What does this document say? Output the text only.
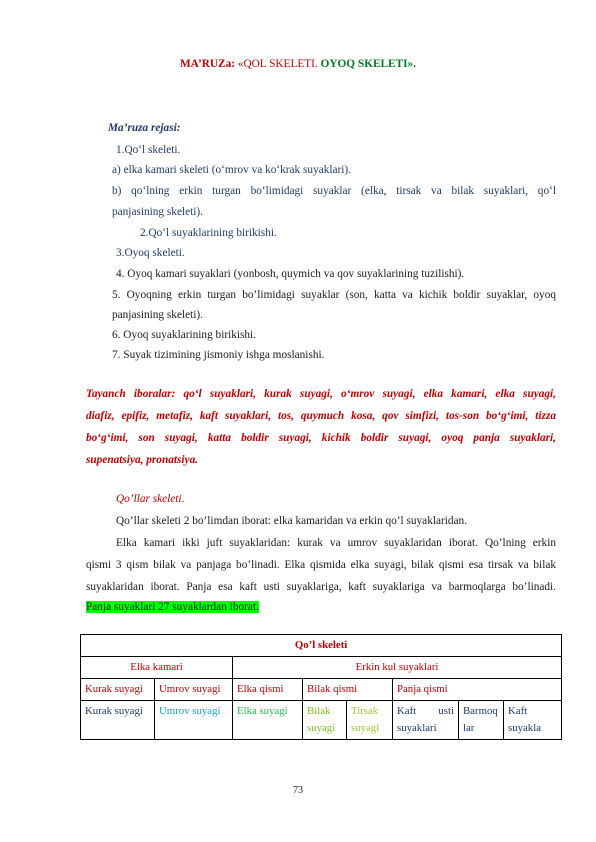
MA’RUZa: «QOL SKELETI. OYOQ SKELETI».
Ma’ruza rejasi:
1.Qo‘l skeleti.
a) elka kamari skeleti (o‘mrov va ko‘krak suyaklari).
b) qo‘lning erkin turgan bo‘limidagi suyaklar (elka, tirsak va bilak suyaklari, qo‘l
panjasining skeleti).
2.Qo‘l suyaklarining birikishi.
3.Oyoq skeleti.
4. Oyoq kamari suyaklari (yonbosh, quymich va qov suyaklarining tuzilishi).
5. Oyoqning erkin turgan bo’limidagi suyaklar (son, katta va kichik boldir suyaklar, oyoq
panjasining skeleti).
6. Oyoq suyaklarining birikishi.
7. Suyak tizimining jismoniy ishga moslanishi.
Tayanch iboralar: qo‘l suyaklari, kurak suyagi, o‘mrov suyagi, elka kamari, elka suyagi,
diafiz, epifiz, metafiz, kaft suyaklari, tos, quymuch kosa, qov simfizi, tos-son bo‘g‘imi, tizza
bo‘g‘imi, son suyagi, katta boldir suyagi, kichik boldir suyagi, oyoq panja suyaklari,
supenatsiya, pronatsiya.
Qo’llar skeleti.
Qo’llar skeleti 2 bo’limdan iborat: elka kamaridan va erkin qo’l suyaklaridan.
Elka kamari ikki juft suyaklaridan: kurak va umrov suyaklaridan iborat. Qo’lning erkin
qismi 3 qism bilak va panjaga bo’linadi. Elka qismida elka suyagi, bilak qismi esa tirsak va bilak
suyaklaridan iborat. Panja esa kaft usti suyaklariga, kaft suyaklariga va barmoqlarga bo’linadi.
Panja suyaklari 27 suyaklardan iborat.
Qo’l skeleti							
Elka kamari		Erkin kul suyaklari					
Kurak suyagi	Umrov suyagi	Elka qismi	Bilak qismi		Panja qismi		
Kurak suyagi	Umrov suyagi	Elka suyagi	Bilak suyagi	Tirsak suyagi	Kaft usti suyaklari	Barmoq lar	Kaft suyakla
73
